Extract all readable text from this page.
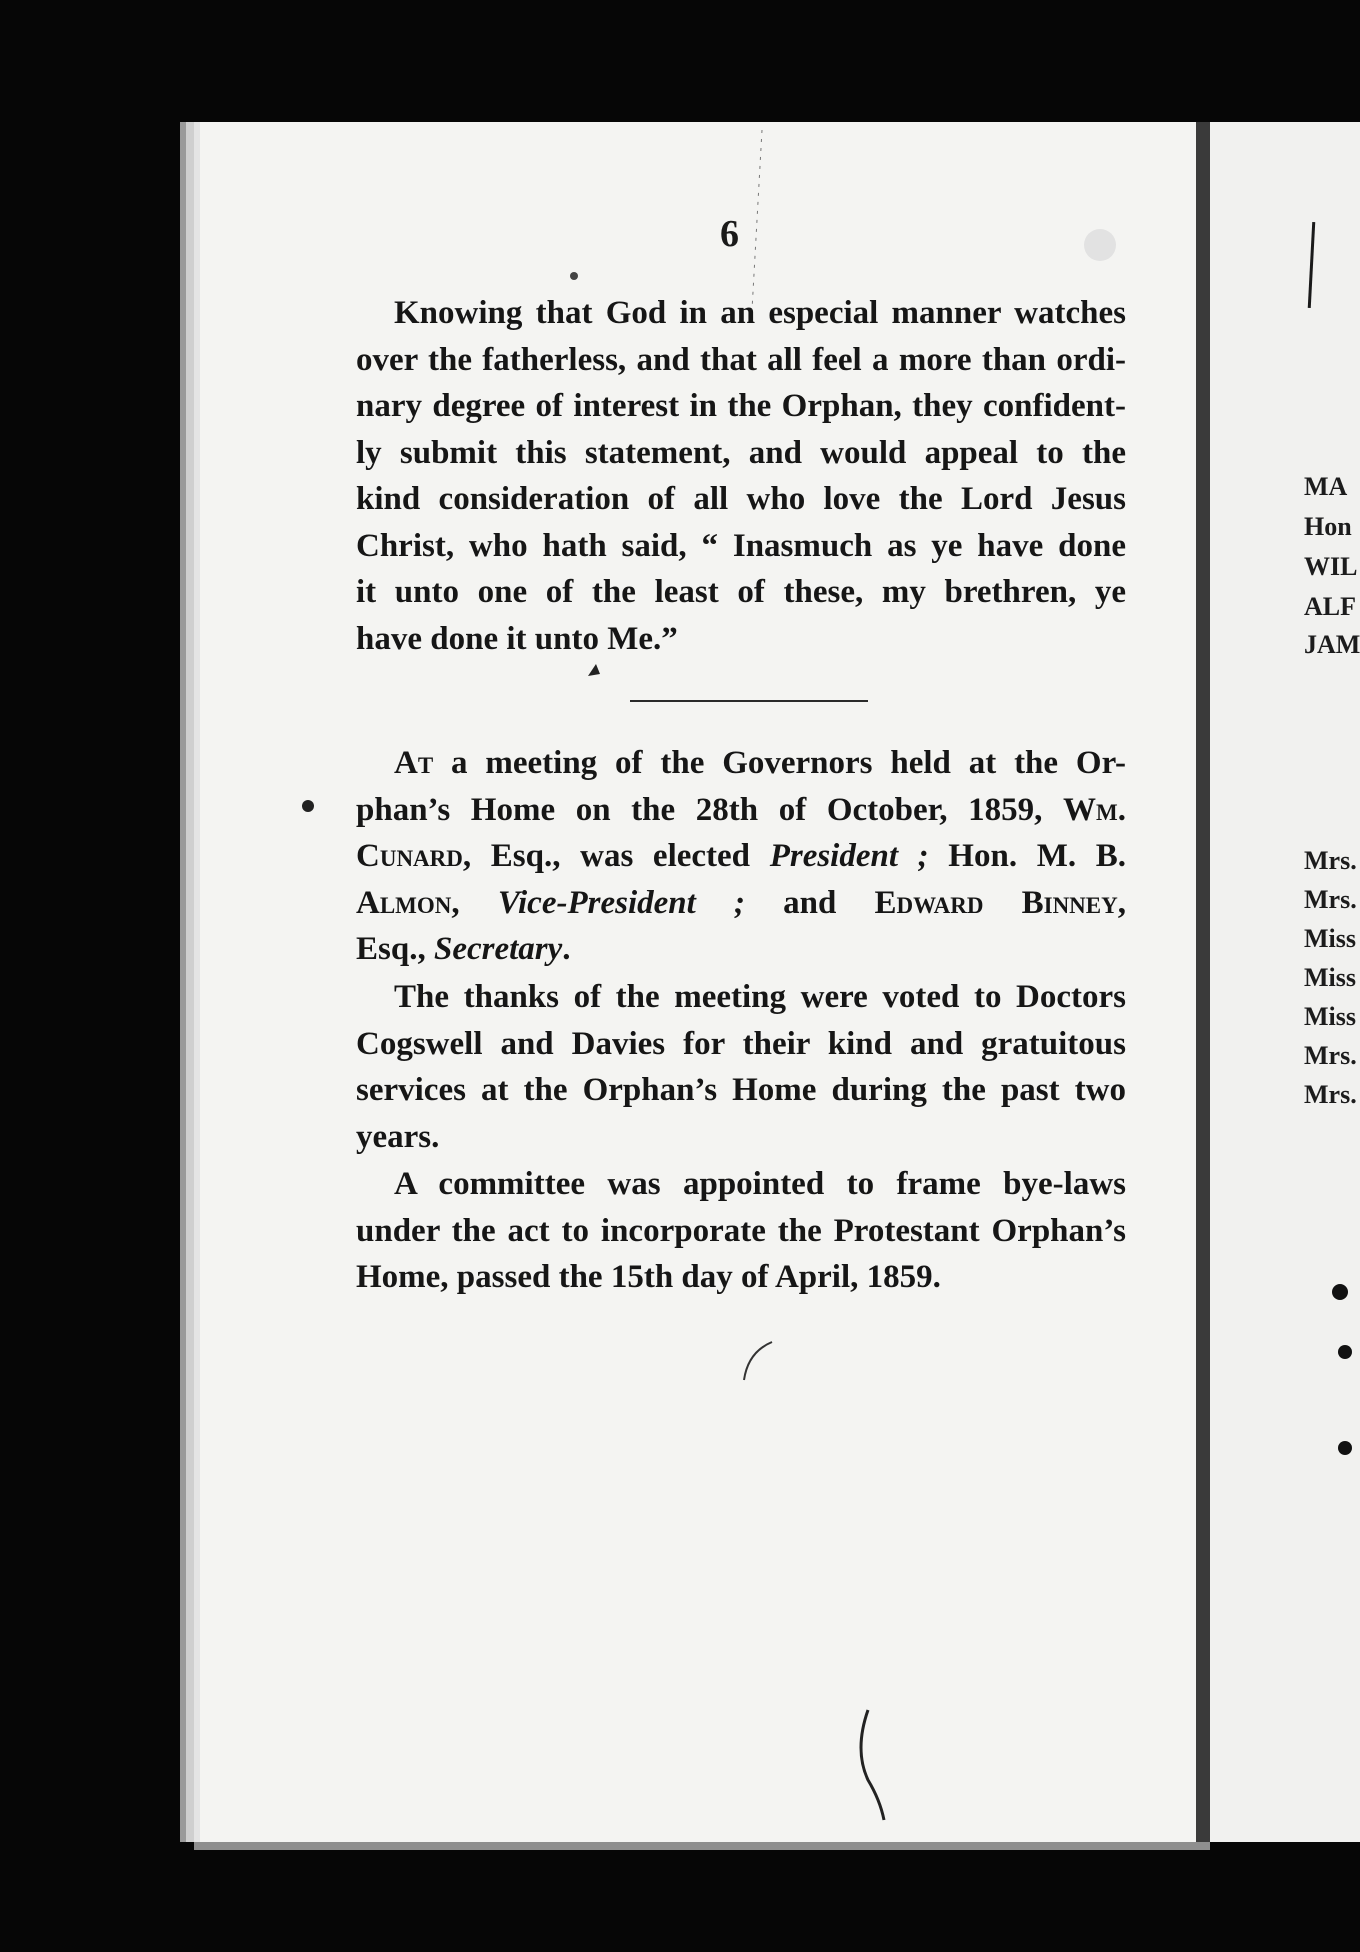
6

Knowing that God in an especial manner watches
over the fatherless, and that all feel a more than ordi-
nary degree of interest in the Orphan, they confident-
ly submit this statement, and would appeal to the
kind consideration of all who love the Lord Jesus
Christ, who hath said, “ Inasmuch as ye have done
it unto one of the least of these, my brethren, ye
have done it unto Me.”

At a meeting of the Governors held at the Or-
phan’s Home on the 28th of October, 1859, Wm.
Cunard, Esq., was elected President ; Hon. M. B.
Almon, Vice-President ; and Edward Binney,
Esq., Secretary.

The thanks of the meeting were voted to Doctors
Cogswell and Davies for their kind and gratuitous
services at the Orphan’s Home during the past two
years.

A committee was appointed to frame bye-laws
under the act to incorporate the Protestant Orphan’s
Home, passed the 15th day of April, 1859.

MA
Hon
WIL
ALF
JAM
Mrs.
Mrs.
Miss
Miss
Miss
Mrs.
Mrs.
